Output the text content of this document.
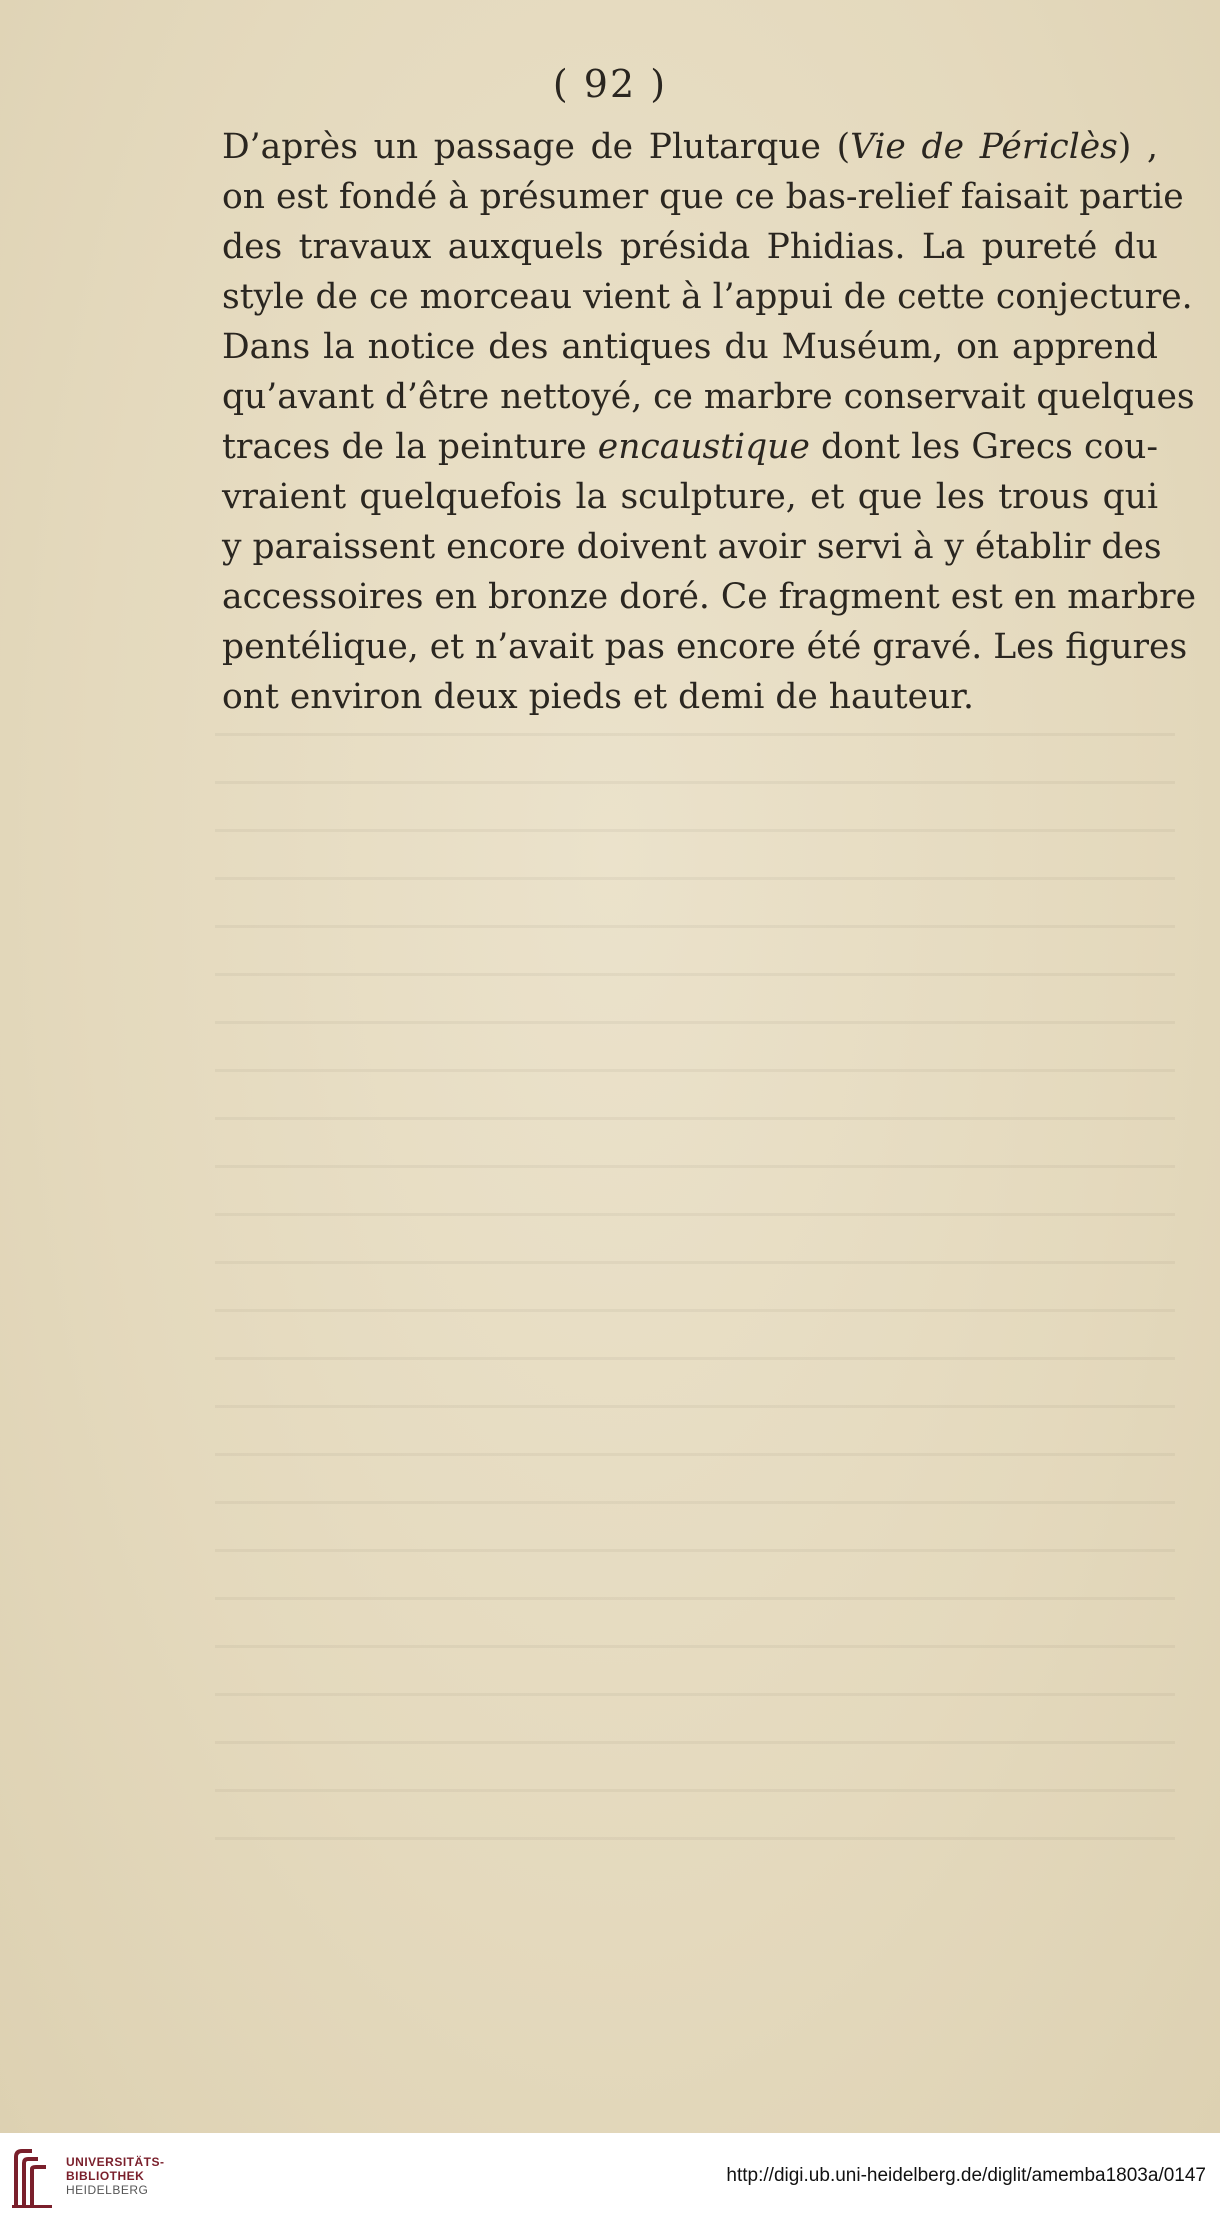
( 92 )
D’après un passage de Plutarque (Vie de Périclès) ,
on est fondé à présumer que ce bas-relief faisait partie
des travaux auxquels présida Phidias. La pureté du
style de ce morceau vient à l’appui de cette conjecture.
Dans la notice des antiques du Muséum, on apprend
qu’avant d’être nettoyé, ce marbre conservait quelques
traces de la peinture encaustique dont les Grecs cou-
vraient quelquefois la sculpture, et que les trous qui
y paraissent encore doivent avoir servi à y établir des
accessoires en bronze doré. Ce fragment est en marbre
pentélique, et n’avait pas encore été gravé. Les figures
ont environ deux pieds et demi de hauteur.
UNIVERSITÄTS-
BIBLIOTHEK
HEIDELBERG
http://digi.ub.uni-heidelberg.de/diglit/amemba1803a/0147
